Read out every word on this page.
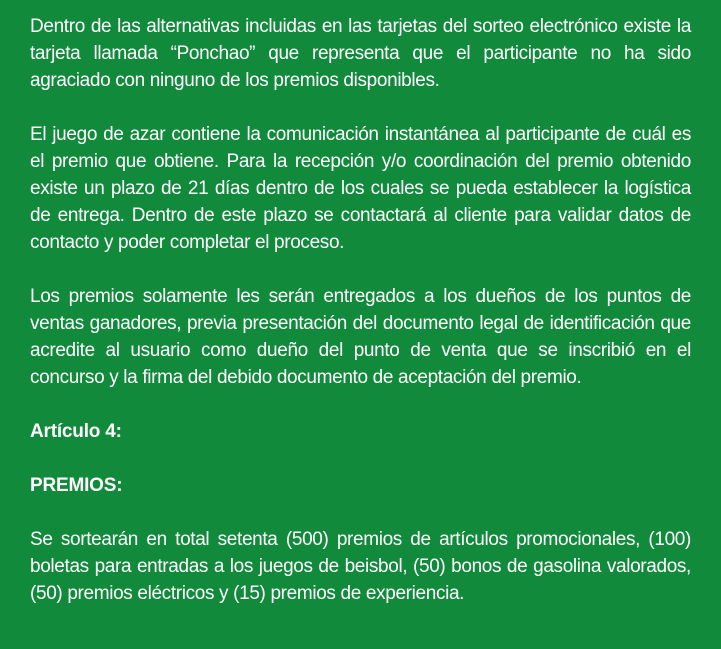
Dentro de las alternativas incluidas en las tarjetas del sorteo electrónico existe la tarjeta llamada “Ponchao” que representa que el participante no ha sido agraciado con ninguno de los premios disponibles.

El juego de azar contiene la comunicación instantánea al participante de cuál es el premio que obtiene. Para la recepción y/o coordinación del premio obtenido existe un plazo de 21 días dentro de los cuales se pueda establecer la logística de entrega. Dentro de este plazo se contactará al cliente para validar datos de contacto y poder completar el proceso.

Los premios solamente les serán entregados a los dueños de los puntos de ventas ganadores, previa presentación del documento legal de identificación que acredite al usuario como dueño del punto de venta que se inscribió en el concurso y la firma del debido documento de aceptación del premio.

Artículo 4:
PREMIOS:

Se sortearán en total setenta (500) premios de artículos promocionales, (100) boletas para entradas a los juegos de beisbol, (50) bonos de gasolina valorados, (50) premios eléctricos y (15) premios de experiencia.
